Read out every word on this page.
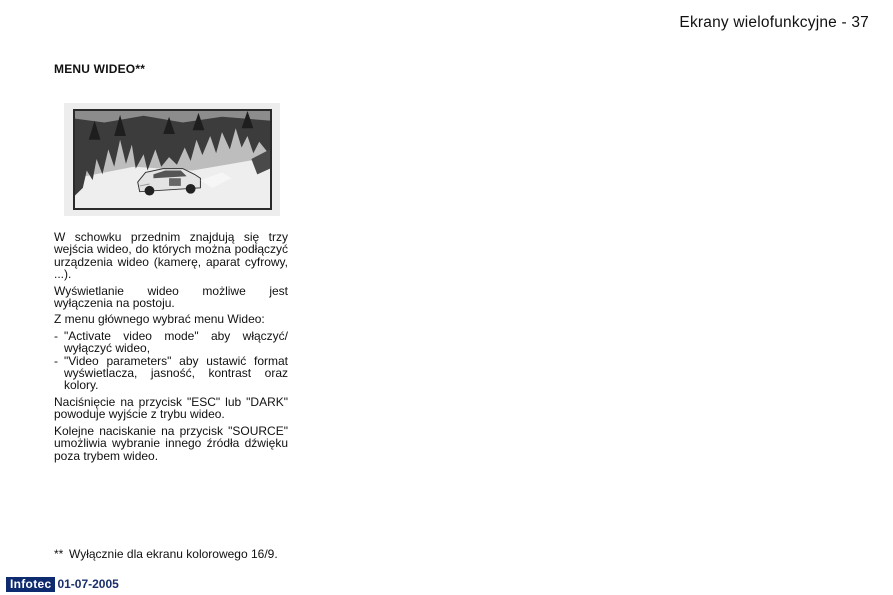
Ekrany wielofunkcyjne - 37
MENU WIDEO**

W schowku przednim znajdują się trzy wejścia wideo, do których można podłączyć urządzenia wideo (kamerę, aparat cyfrowy, ...).

Wyświetlanie wideo możliwe jest wyłączenia na postoju.

Z menu głównego wybrać menu Wideo:

- "Activate video mode" aby włączyć/ wyłączyć wideo,
- "Video parameters" aby ustawić format wyświetlacza, jasność, kontrast oraz kolory.

Naciśnięcie na przycisk "ESC" lub "DARK" powoduje wyjście z trybu wideo.

Kolejne naciskanie na przycisk "SOURCE" umożliwia wybranie innego źródła dźwięku poza trybem wideo.

** Wyłącznie dla ekranu kolorowego 16/9.
Infotec 01-07-2005
